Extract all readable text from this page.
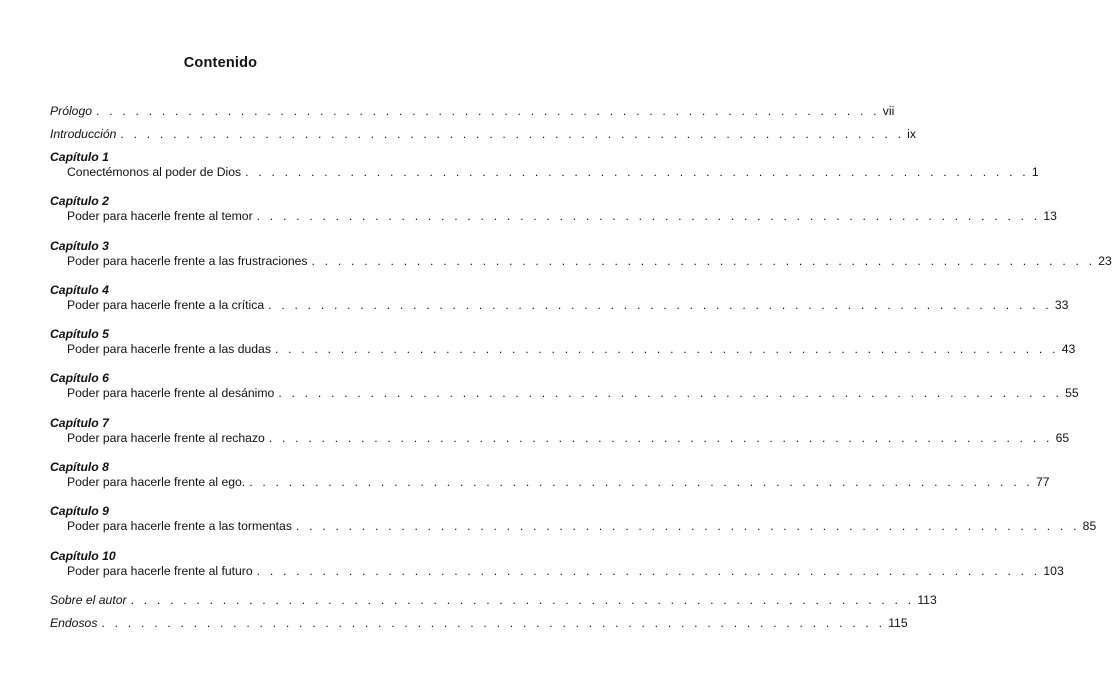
Contenido
Prólogo . . . . . . . . . . . . . . . . . . . . . . . . . . . . . . . . . . . . . . . . . . . . . . . . . . . . . . . . . . . . vii
Introducción . . . . . . . . . . . . . . . . . . . . . . . . . . . . . . . . . . . . . . . . . . . . . . . . . . . . . . . . . . . . ix
Capítulo 1
Conectémonos al poder de Dios . . . . . . . . . . . . . . . . . . . . . . . . . . . . . . . . . . . . . . . . . . . . . . . . . . . . . . . . . . . . 1
Capítulo 2
Poder para hacerle frente al temor . . . . . . . . . . . . . . . . . . . . . . . . . . . . . . . . . . . . . . . . . . . . . . . . . . . . . . . . . . . . 13
Capítulo 3
Poder para hacerle frente a las frustraciones . . . . . . . . . . . . . . . . . . . . . . . . . . . . . . . . . . . . . . . . . . . . . . . . . . . . . . . . . . . . 23
Capítulo 4
Poder para hacerle frente a la crítica . . . . . . . . . . . . . . . . . . . . . . . . . . . . . . . . . . . . . . . . . . . . . . . . . . . . . . . . . . . . 33
Capítulo 5
Poder para hacerle frente a las dudas . . . . . . . . . . . . . . . . . . . . . . . . . . . . . . . . . . . . . . . . . . . . . . . . . . . . . . . . . . . . 43
Capítulo 6
Poder para hacerle frente al desánimo . . . . . . . . . . . . . . . . . . . . . . . . . . . . . . . . . . . . . . . . . . . . . . . . . . . . . . . . . . . . 55
Capítulo 7
Poder para hacerle frente al rechazo . . . . . . . . . . . . . . . . . . . . . . . . . . . . . . . . . . . . . . . . . . . . . . . . . . . . . . . . . . . . 65
Capítulo 8
Poder para hacerle frente al ego. . . . . . . . . . . . . . . . . . . . . . . . . . . . . . . . . . . . . . . . . . . . . . . . . . . . . . . . . . . . . 77
Capítulo 9
Poder para hacerle frente a las tormentas . . . . . . . . . . . . . . . . . . . . . . . . . . . . . . . . . . . . . . . . . . . . . . . . . . . . . . . . . . . . 85
Capítulo 10
Poder para hacerle frente al futuro . . . . . . . . . . . . . . . . . . . . . . . . . . . . . . . . . . . . . . . . . . . . . . . . . . . . . . . . . . . . 103
Sobre el autor . . . . . . . . . . . . . . . . . . . . . . . . . . . . . . . . . . . . . . . . . . . . . . . . . . . . . . . . . . . . 113
Endosos . . . . . . . . . . . . . . . . . . . . . . . . . . . . . . . . . . . . . . . . . . . . . . . . . . . . . . . . . . . . 115
